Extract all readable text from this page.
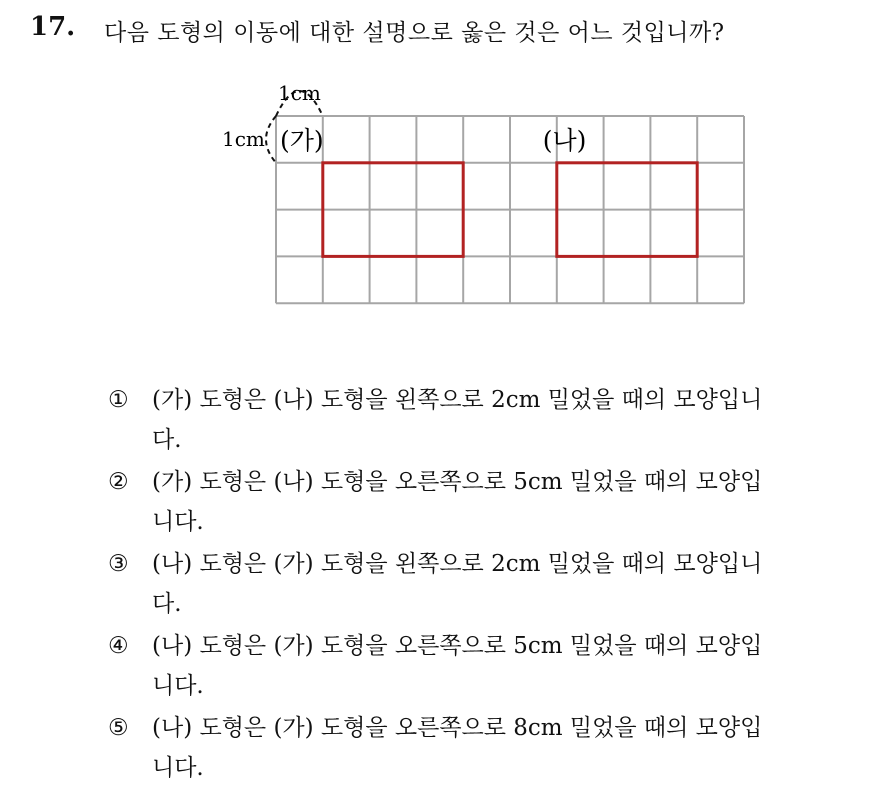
17. 다음 도형의 이동에 대한 설명으로 옳은 것은 어느 것입니까?
(가)	(나)
1cm
1cm
①	(가) 도형은 (나) 도형을 왼쪽으로 2cm 밀었을 때의 모양입니다.
②	(가) 도형은 (나) 도형을 오른쪽으로 5cm 밀었을 때의 모양입니다.
③	(나) 도형은 (가) 도형을 왼쪽으로 2cm 밀었을 때의 모양입니다.
④	(나) 도형은 (가) 도형을 오른쪽으로 5cm 밀었을 때의 모양입니다.
⑤	(나) 도형은 (가) 도형을 오른쪽으로 8cm 밀었을 때의 모양입니다.
